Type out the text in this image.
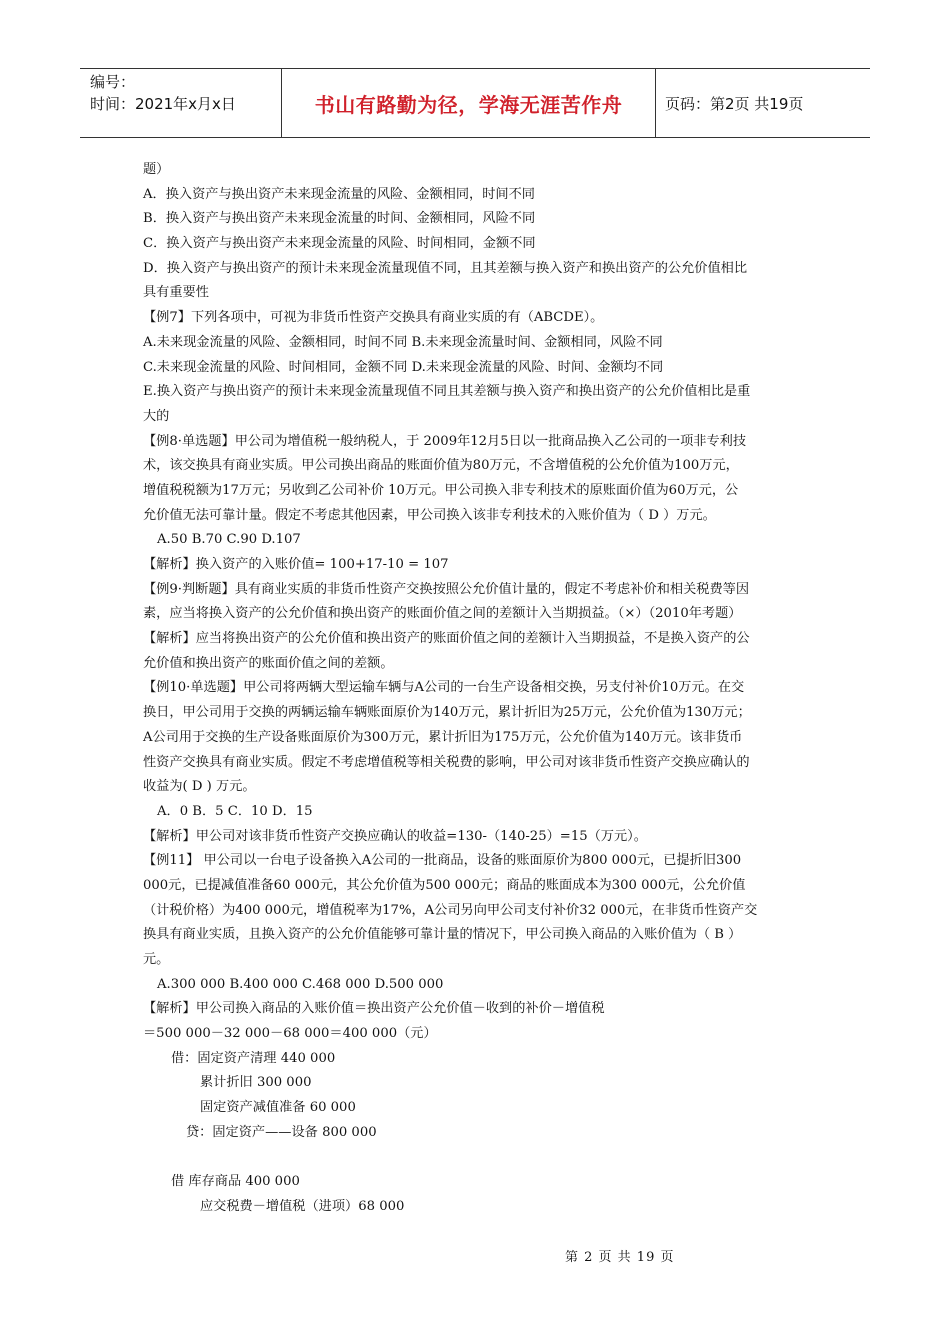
编号：
时间：2021年x月x日	书山有路勤为径，学海无涯苦作舟	页码：第2页 共19页
题）
A．换入资产与换出资产未来现金流量的风险、金额相同，时间不同
B．换入资产与换出资产未来现金流量的时间、金额相同，风险不同
C．换入资产与换出资产未来现金流量的风险、时间相同，金额不同
D．换入资产与换出资产的预计未来现金流量现值不同，且其差额与换入资产和换出资产的公允价值相比
具有重要性
【例7】下列各项中，可视为非货币性资产交换具有商业实质的有（ABCDE）。
A.未来现金流量的风险、金额相同，时间不同 B.未来现金流量时间、金额相同，风险不同
C.未来现金流量的风险、时间相同，金额不同 D.未来现金流量的风险、时间、金额均不同
E.换入资产与换出资产的预计未来现金流量现值不同且其差额与换入资产和换出资产的公允价值相比是重
大的
【例8·单选题】甲公司为增值税一般纳税人，于 2009年12月5日以一批商品换入乙公司的一项非专利技
术，该交换具有商业实质。甲公司换出商品的账面价值为80万元，不含增值税的公允价值为100万元，
增值税税额为17万元；另收到乙公司补价 10万元。甲公司换入非专利技术的原账面价值为60万元，公
允价值无法可靠计量。假定不考虑其他因素，甲公司换入该非专利技术的入账价值为（ D ）万元。
A.50 B.70 C.90 D.107
【解析】换入资产的入账价值= 100+17-10 = 107
【例9·判断题】具有商业实质的非货币性资产交换按照公允价值计量的，假定不考虑补价和相关税费等因
素，应当将换入资产的公允价值和换出资产的账面价值之间的差额计入当期损益。（×）（2010年考题）
【解析】应当将换出资产的公允价值和换出资产的账面价值之间的差额计入当期损益，不是换入资产的公
允价值和换出资产的账面价值之间的差额。
【例10·单选题】甲公司将两辆大型运输车辆与A公司的一台生产设备相交换，另支付补价10万元。在交
换日，甲公司用于交换的两辆运输车辆账面原价为140万元，累计折旧为25万元，公允价值为130万元；
A公司用于交换的生产设备账面原价为300万元，累计折旧为175万元，公允价值为140万元。该非货币
性资产交换具有商业实质。假定不考虑增值税等相关税费的影响，甲公司对该非货币性资产交换应确认的
收益为( D ) 万元。
A．0 B．5 C．10 D．15
【解析】甲公司对该非货币性资产交换应确认的收益=130-（140-25）=15（万元）。
【例11】 甲公司以一台电子设备换入A公司的一批商品，设备的账面原价为800 000元，已提折旧300
000元，已提减值准备60 000元，其公允价值为500 000元；商品的账面成本为300 000元，公允价值
（计税价格）为400 000元，增值税率为17%，A公司另向甲公司支付补价32 000元，在非货币性资产交
换具有商业实质，且换入资产的公允价值能够可靠计量的情况下，甲公司换入商品的入账价值为（ B ）
元。
A.300 000 B.400 000 C.468 000 D.500 000
【解析】甲公司换入商品的入账价值＝换出资产公允价值－收到的补价－增值税
＝500 000－32 000－68 000＝400 000（元）
借：固定资产清理 440 000
累计折旧 300 000
固定资产减值准备 60 000
贷：固定资产——设备 800 000
借 库存商品 400 000
应交税费－增值税（进项）68 000
第 2 页 共 19 页
